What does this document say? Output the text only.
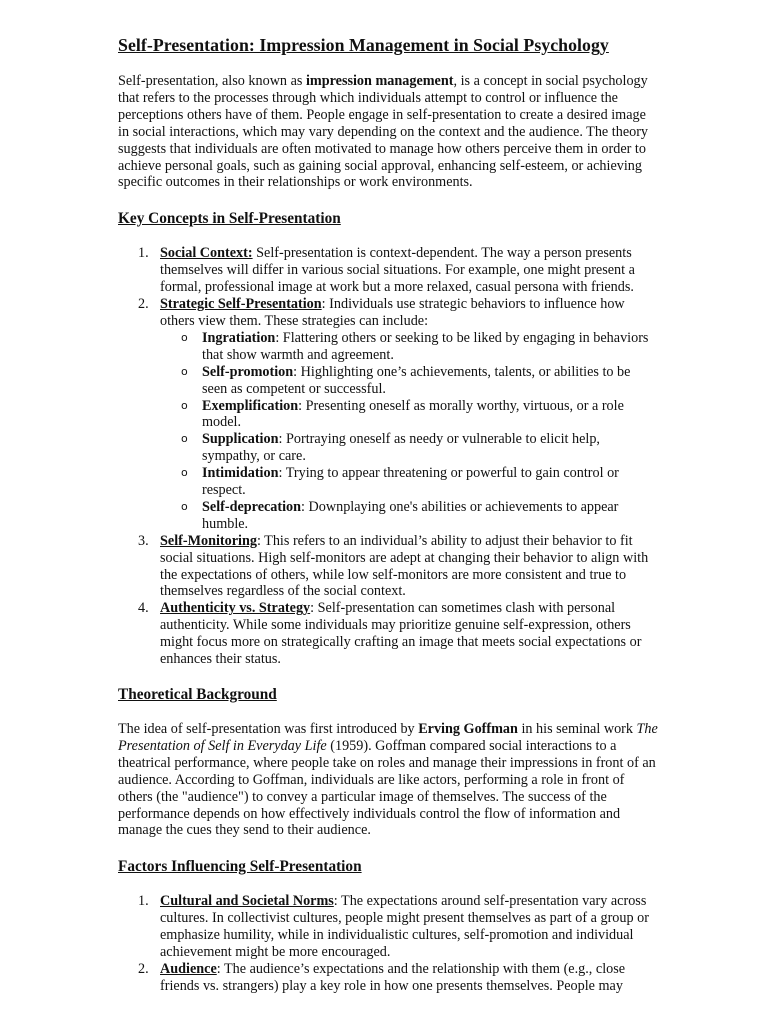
Self-Presentation: Impression Management in Social Psychology

Self-presentation, also known as impression management, is a concept in social psychology that refers to the processes through which individuals attempt to control or influence the perceptions others have of them. People engage in self-presentation to create a desired image in social interactions, which may vary depending on the context and the audience. The theory suggests that individuals are often motivated to manage how others perceive them in order to achieve personal goals, such as gaining social approval, enhancing self-esteem, or achieving specific outcomes in their relationships or work environments.

Key Concepts in Self-Presentation
1. Social Context: Self-presentation is context-dependent. The way a person presents themselves will differ in various social situations. For example, one might present a formal, professional image at work but a more relaxed, casual persona with friends.
2. Strategic Self-Presentation: Individuals use strategic behaviors to influence how others view them. These strategies can include:
o Ingratiation: Flattering others or seeking to be liked by engaging in behaviors that show warmth and agreement.
o Self-promotion: Highlighting one’s achievements, talents, or abilities to be seen as competent or successful.
o Exemplification: Presenting oneself as morally worthy, virtuous, or a role model.
o Supplication: Portraying oneself as needy or vulnerable to elicit help, sympathy, or care.
o Intimidation: Trying to appear threatening or powerful to gain control or respect.
o Self-deprecation: Downplaying one's abilities or achievements to appear humble.
3. Self-Monitoring: This refers to an individual’s ability to adjust their behavior to fit social situations. High self-monitors are adept at changing their behavior to align with the expectations of others, while low self-monitors are more consistent and true to themselves regardless of the social context.
4. Authenticity vs. Strategy: Self-presentation can sometimes clash with personal authenticity. While some individuals may prioritize genuine self-expression, others might focus more on strategically crafting an image that meets social expectations or enhances their status.
Theoretical Background

The idea of self-presentation was first introduced by Erving Goffman in his seminal work The Presentation of Self in Everyday Life (1959). Goffman compared social interactions to a theatrical performance, where people take on roles and manage their impressions in front of an audience. According to Goffman, individuals are like actors, performing a role in front of others (the "audience") to convey a particular image of themselves. The success of the performance depends on how effectively individuals control the flow of information and manage the cues they send to their audience.

Factors Influencing Self-Presentation
1. Cultural and Societal Norms: The expectations around self-presentation vary across cultures. In collectivist cultures, people might present themselves as part of a group or emphasize humility, while in individualistic cultures, self-promotion and individual achievement might be more encouraged.
2. Audience: The audience’s expectations and the relationship with them (e.g., close friends vs. strangers) play a key role in how one presents themselves. People may
